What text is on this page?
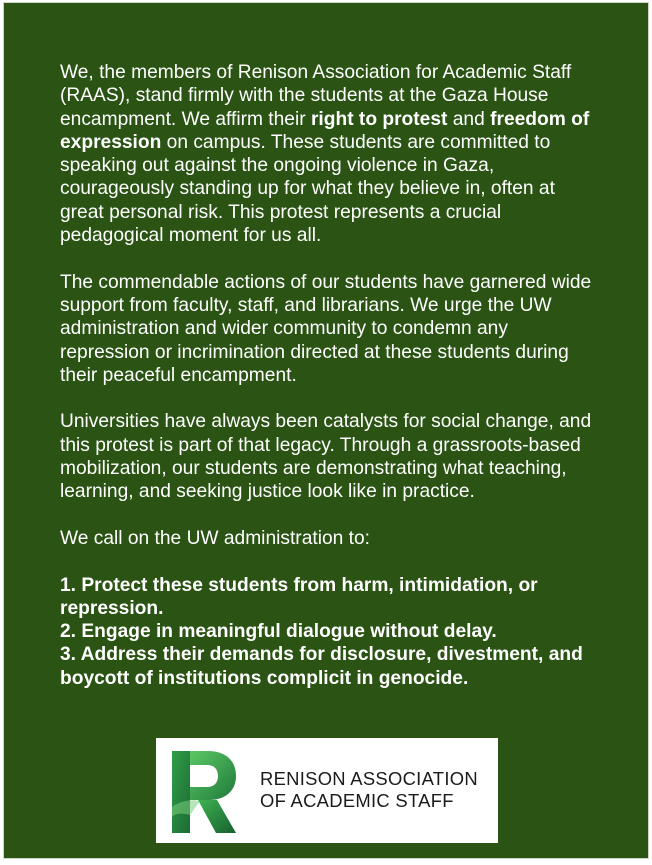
We, the members of Renison Association for Academic Staff (RAAS), stand firmly with the students at the Gaza House encampment. We affirm their right to protest and freedom of expression on campus. These students are committed to speaking out against the ongoing violence in Gaza, courageously standing up for what they believe in, often at great personal risk. This protest represents a crucial pedagogical moment for us all.

The commendable actions of our students have garnered wide support from faculty, staff, and librarians. We urge the UW administration and wider community to condemn any repression or incrimination directed at these students during their peaceful encampment.

Universities have always been catalysts for social change, and this protest is part of that legacy. Through a grassroots-based mobilization, our students are demonstrating what teaching, learning, and seeking justice look like in practice.

We call on the UW administration to:

1. Protect these students from harm, intimidation, or repression.

2. Engage in meaningful dialogue without delay.

3. Address their demands for disclosure, divestment, and boycott of institutions complicit in genocide.

RENISON ASSOCIATION
OF ACADEMIC STAFF
